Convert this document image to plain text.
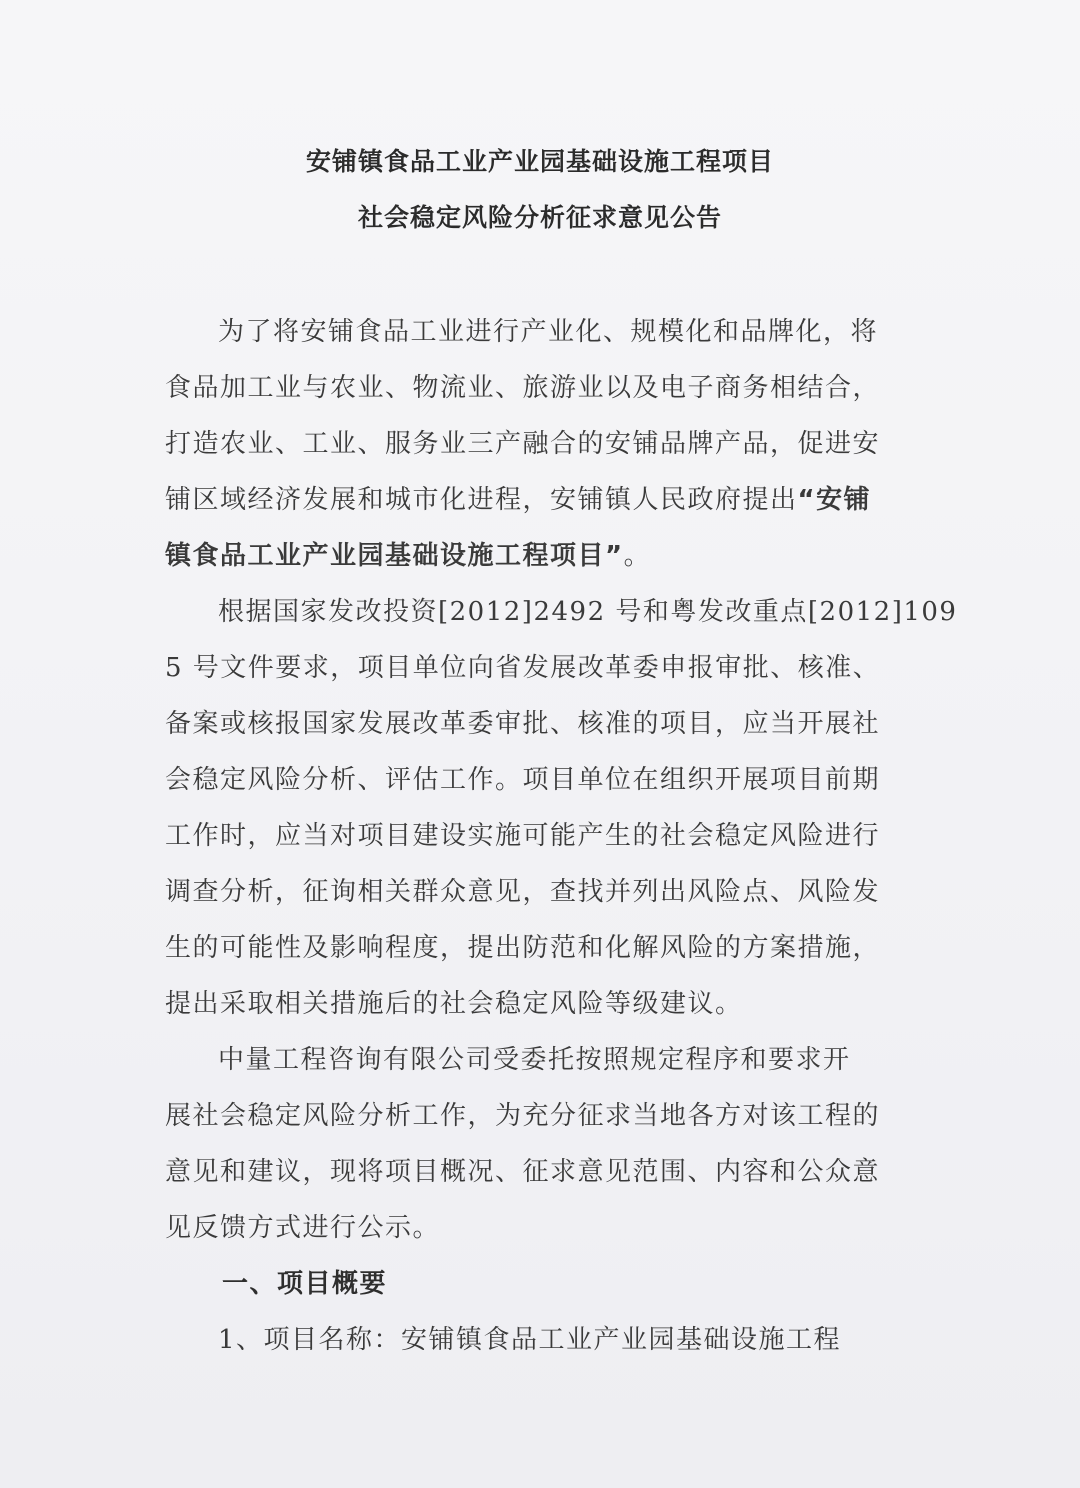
安铺镇食品工业产业园基础设施工程项目
社会稳定风险分析征求意见公告
为了将安铺食品工业进行产业化、规模化和品牌化，将
食品加工业与农业、物流业、旅游业以及电子商务相结合，
打造农业、工业、服务业三产融合的安铺品牌产品，促进安
铺区域经济发展和城市化进程，安铺镇人民政府提出“安铺
镇食品工业产业园基础设施工程项目”。
根据国家发改投资[2012]2492 号和粤发改重点[2012]109
5 号文件要求，项目单位向省发展改革委申报审批、核准、
备案或核报国家发展改革委审批、核准的项目，应当开展社
会稳定风险分析、评估工作。项目单位在组织开展项目前期
工作时，应当对项目建设实施可能产生的社会稳定风险进行
调查分析，征询相关群众意见，查找并列出风险点、风险发
生的可能性及影响程度，提出防范和化解风险的方案措施，
提出采取相关措施后的社会稳定风险等级建议。
中量工程咨询有限公司受委托按照规定程序和要求开
展社会稳定风险分析工作，为充分征求当地各方对该工程的
意见和建议，现将项目概况、征求意见范围、内容和公众意
见反馈方式进行公示。
一、项目概要
1、项目名称：安铺镇食品工业产业园基础设施工程
